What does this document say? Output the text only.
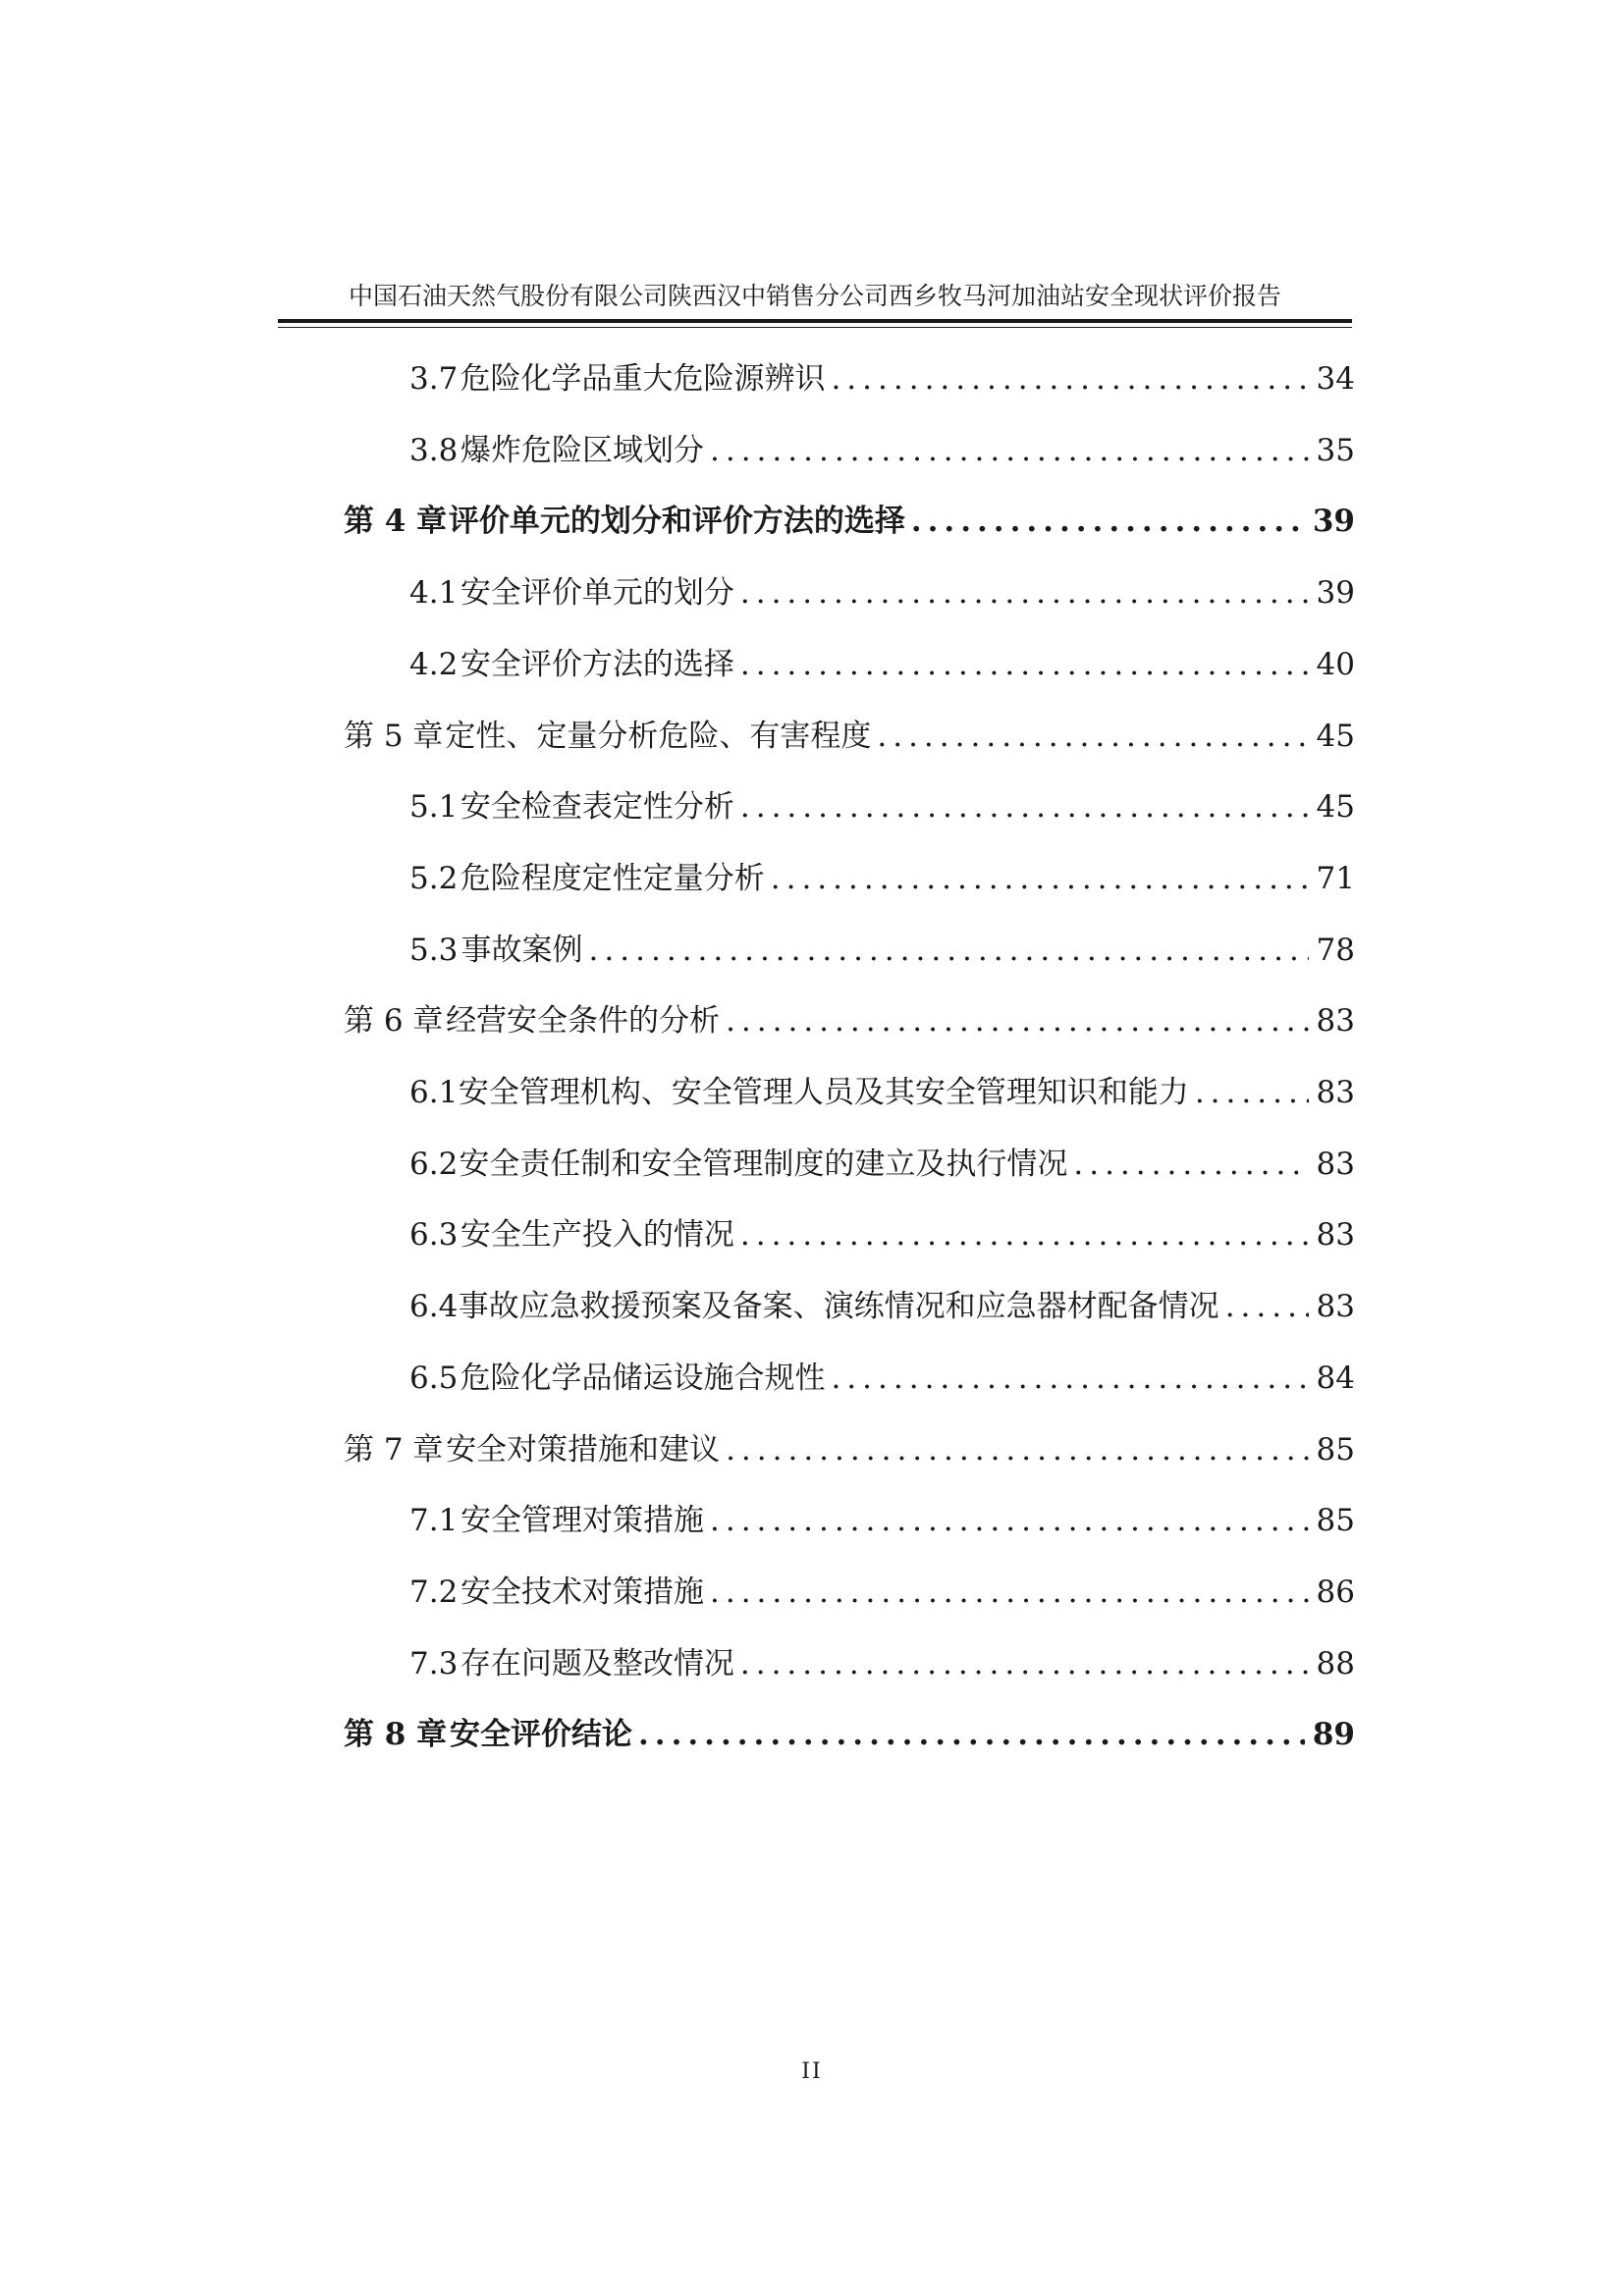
中国石油天然气股份有限公司陕西汉中销售分公司西乡牧马河加油站安全现状评价报告
3.7 危险化学品重大危险源辨识 .....	34
3.8 爆炸危险区域划分 .....	35
第 4 章 评价单元的划分和评价方法的选择 .....	39
4.1 安全评价单元的划分 .....	39
4.2 安全评价方法的选择 .....	40
第 5 章 定性、定量分析危险、有害程度 .....	45
5.1 安全检查表定性分析 .....	45
5.2 危险程度定性定量分析 .....	71
5.3 事故案例 .....	78
第 6 章 经营安全条件的分析 .....	83
6.1 安全管理机构、安全管理人员及其安全管理知识和能力 .....	83
6.2 安全责任制和安全管理制度的建立及执行情况 .....	83
6.3 安全生产投入的情况 .....	83
6.4 事故应急救援预案及备案、演练情况和应急器材配备情况 .....	83
6.5 危险化学品储运设施合规性 .....	84
第 7 章 安全对策措施和建议 .....	85
7.1 安全管理对策措施 .....	85
7.2 安全技术对策措施 .....	86
7.3 存在问题及整改情况 .....	88
第 8 章 安全评价结论 .....	89
II
